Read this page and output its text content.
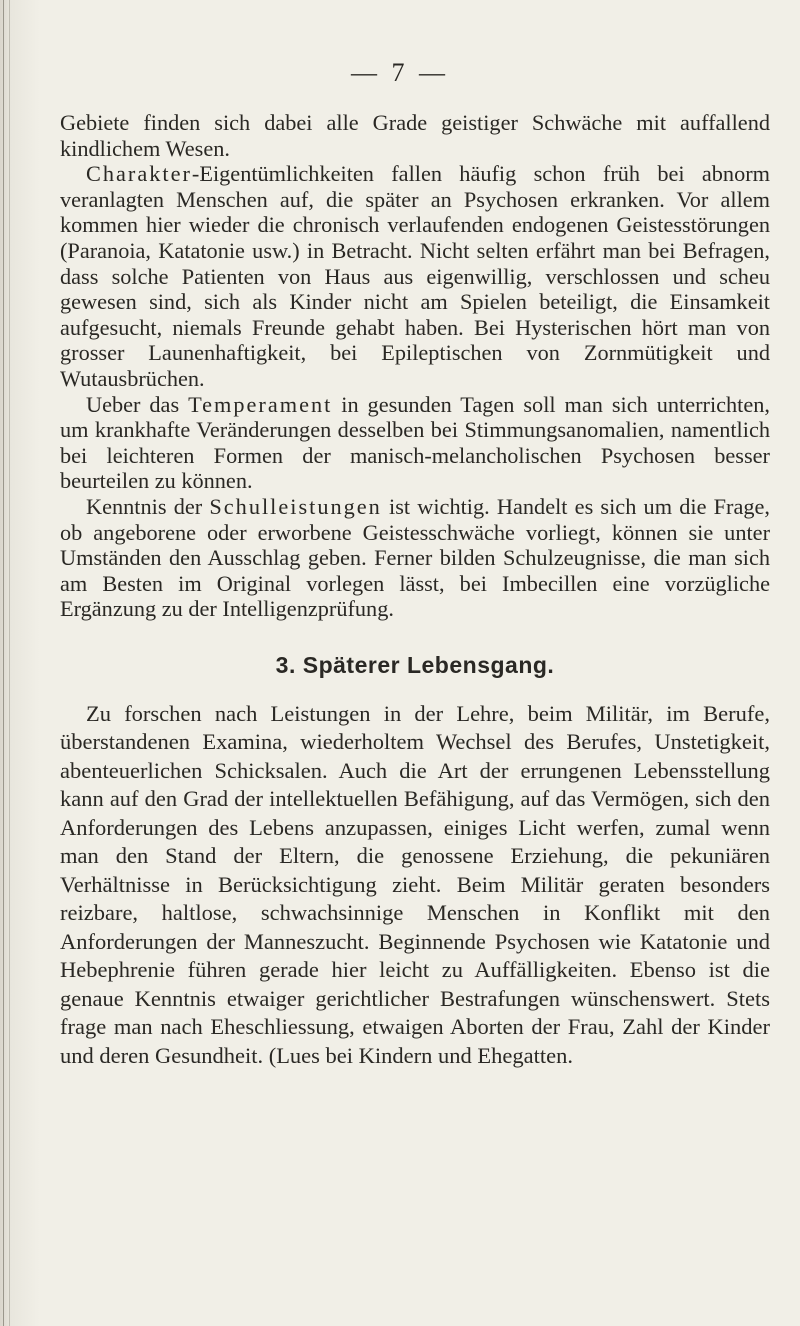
— 7 —

Gebiete finden sich dabei alle Grade geistiger Schwäche mit auffallend kindlichem Wesen.

Charakter-Eigentümlichkeiten fallen häufig schon früh bei abnorm veranlagten Menschen auf, die später an Psychosen erkranken. Vor allem kommen hier wieder die chronisch verlaufenden endogenen Geistesstörungen (Paranoia, Katatonie usw.) in Betracht. Nicht selten erfährt man bei Befragen, dass solche Patienten von Haus aus eigenwillig, verschlossen und scheu gewesen sind, sich als Kinder nicht am Spielen beteiligt, die Einsamkeit aufgesucht, niemals Freunde gehabt haben. Bei Hysterischen hört man von grosser Launenhaftigkeit, bei Epileptischen von Zornmütigkeit und Wutausbrüchen.

Ueber das Temperament in gesunden Tagen soll man sich unterrichten, um krankhafte Veränderungen desselben bei Stimmungsanomalien, namentlich bei leichteren Formen der manisch-melancholischen Psychosen besser beurteilen zu können.

Kenntnis der Schulleistungen ist wichtig. Handelt es sich um die Frage, ob angeborene oder erworbene Geistesschwäche vorliegt, können sie unter Umständen den Ausschlag geben. Ferner bilden Schulzeugnisse, die man sich am Besten im Original vorlegen lässt, bei Imbecillen eine vorzügliche Ergänzung zu der Intelligenzprüfung.

3. Späterer Lebensgang.

Zu forschen nach Leistungen in der Lehre, beim Militär, im Berufe, überstandenen Examina, wiederholtem Wechsel des Berufes, Unstetigkeit, abenteuerlichen Schicksalen. Auch die Art der errungenen Lebensstellung kann auf den Grad der intellektuellen Befähigung, auf das Vermögen, sich den Anforderungen des Lebens anzupassen, einiges Licht werfen, zumal wenn man den Stand der Eltern, die genossene Erziehung, die pekuniären Verhältnisse in Berücksichtigung zieht. Beim Militär geraten besonders reizbare, haltlose, schwachsinnige Menschen in Konflikt mit den Anforderungen der Manneszucht. Beginnende Psychosen wie Katatonie und Hebephrenie führen gerade hier leicht zu Auffälligkeiten. Ebenso ist die genaue Kenntnis etwaiger gerichtlicher Bestrafungen wünschenswert. Stets frage man nach Eheschliessung, etwaigen Aborten der Frau, Zahl der Kinder und deren Gesundheit. (Lues bei Kindern und Ehegatten.
